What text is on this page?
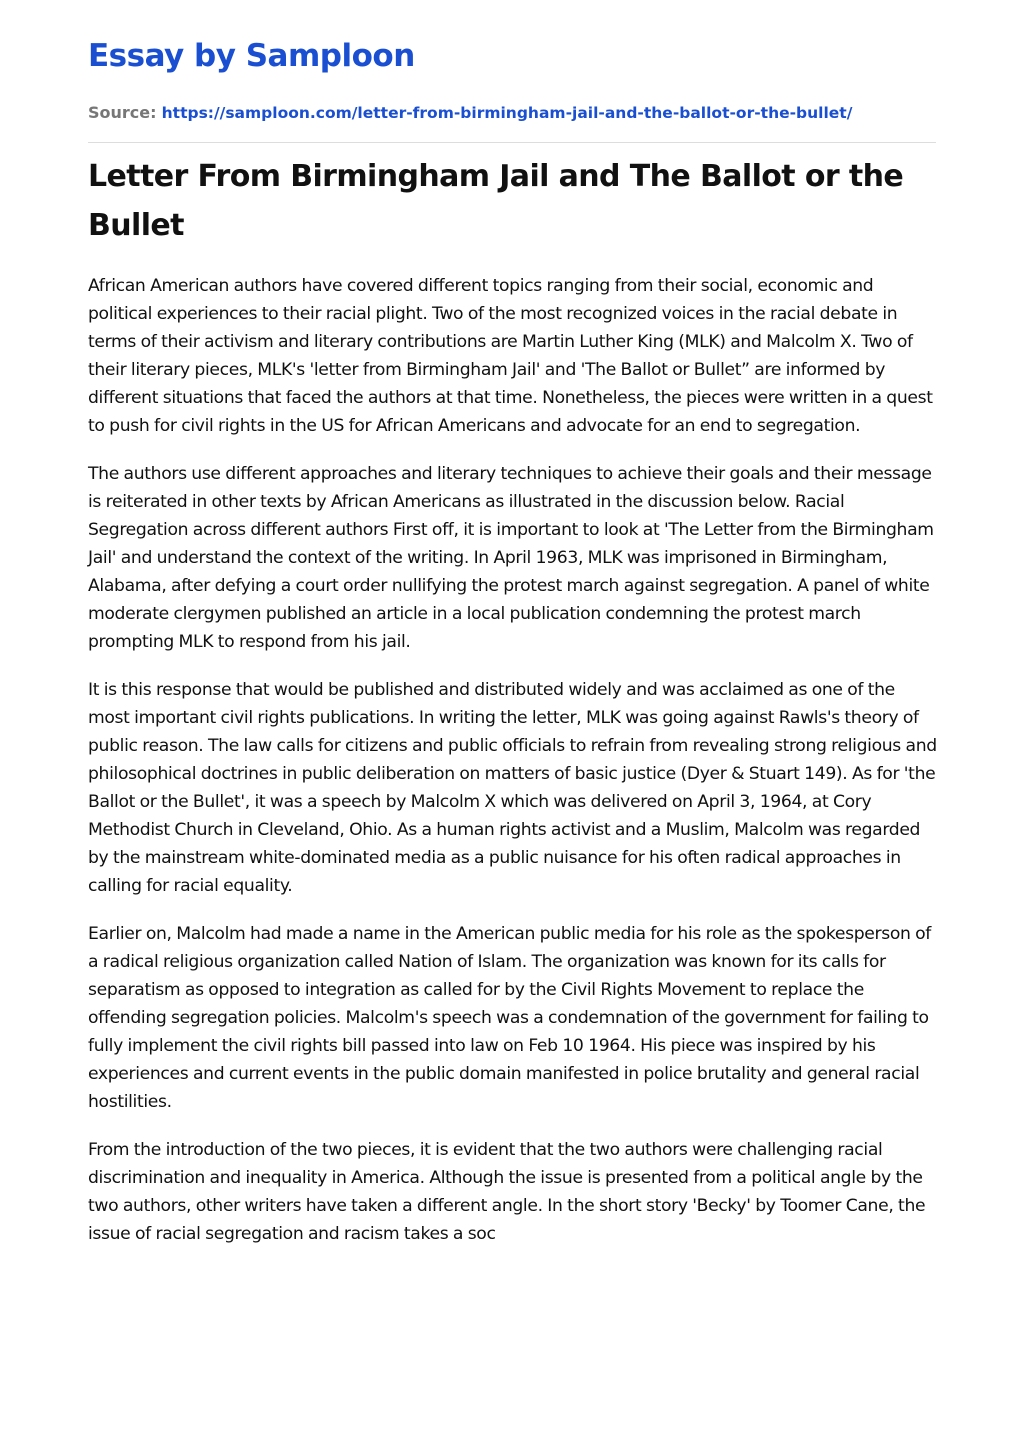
Essay by Samploon
Source: https://samploon.com/letter-from-birmingham-jail-and-the-ballot-or-the-bullet/
Letter From Birmingham Jail and The Ballot or the Bullet

African American authors have covered different topics ranging from their social, economic and political experiences to their racial plight. Two of the most recognized voices in the racial debate in terms of their activism and literary contributions are Martin Luther King (MLK) and Malcolm X. Two of their literary pieces, MLK's 'letter from Birmingham Jail' and 'The Ballot or Bullet” are informed by different situations that faced the authors at that time. Nonetheless, the pieces were written in a quest to push for civil rights in the US for African Americans and advocate for an end to segregation.

The authors use different approaches and literary techniques to achieve their goals and their message is reiterated in other texts by African Americans as illustrated in the discussion below. Racial Segregation across different authors First off, it is important to look at 'The Letter from the Birmingham Jail' and understand the context of the writing. In April 1963, MLK was imprisoned in Birmingham, Alabama, after defying a court order nullifying the protest march against segregation. A panel of white moderate clergymen published an article in a local publication condemning the protest march prompting MLK to respond from his jail.

It is this response that would be published and distributed widely and was acclaimed as one of the most important civil rights publications. In writing the letter, MLK was going against Rawls's theory of public reason. The law calls for citizens and public officials to refrain from revealing strong religious and philosophical doctrines in public deliberation on matters of basic justice (Dyer & Stuart 149). As for 'the Ballot or the Bullet', it was a speech by Malcolm X which was delivered on April 3, 1964, at Cory Methodist Church in Cleveland, Ohio. As a human rights activist and a Muslim, Malcolm was regarded by the mainstream white-dominated media as a public nuisance for his often radical approaches in calling for racial equality.

Earlier on, Malcolm had made a name in the American public media for his role as the spokesperson of a radical religious organization called Nation of Islam. The organization was known for its calls for separatism as opposed to integration as called for by the Civil Rights Movement to replace the offending segregation policies. Malcolm's speech was a condemnation of the government for failing to fully implement the civil rights bill passed into law on Feb 10 1964. His piece was inspired by his experiences and current events in the public domain manifested in police brutality and general racial hostilities.

From the introduction of the two pieces, it is evident that the two authors were challenging racial discrimination and inequality in America. Although the issue is presented from a political angle by the two authors, other writers have taken a different angle. In the short story 'Becky' by Toomer Cane, the issue of racial segregation and racism takes a soc
